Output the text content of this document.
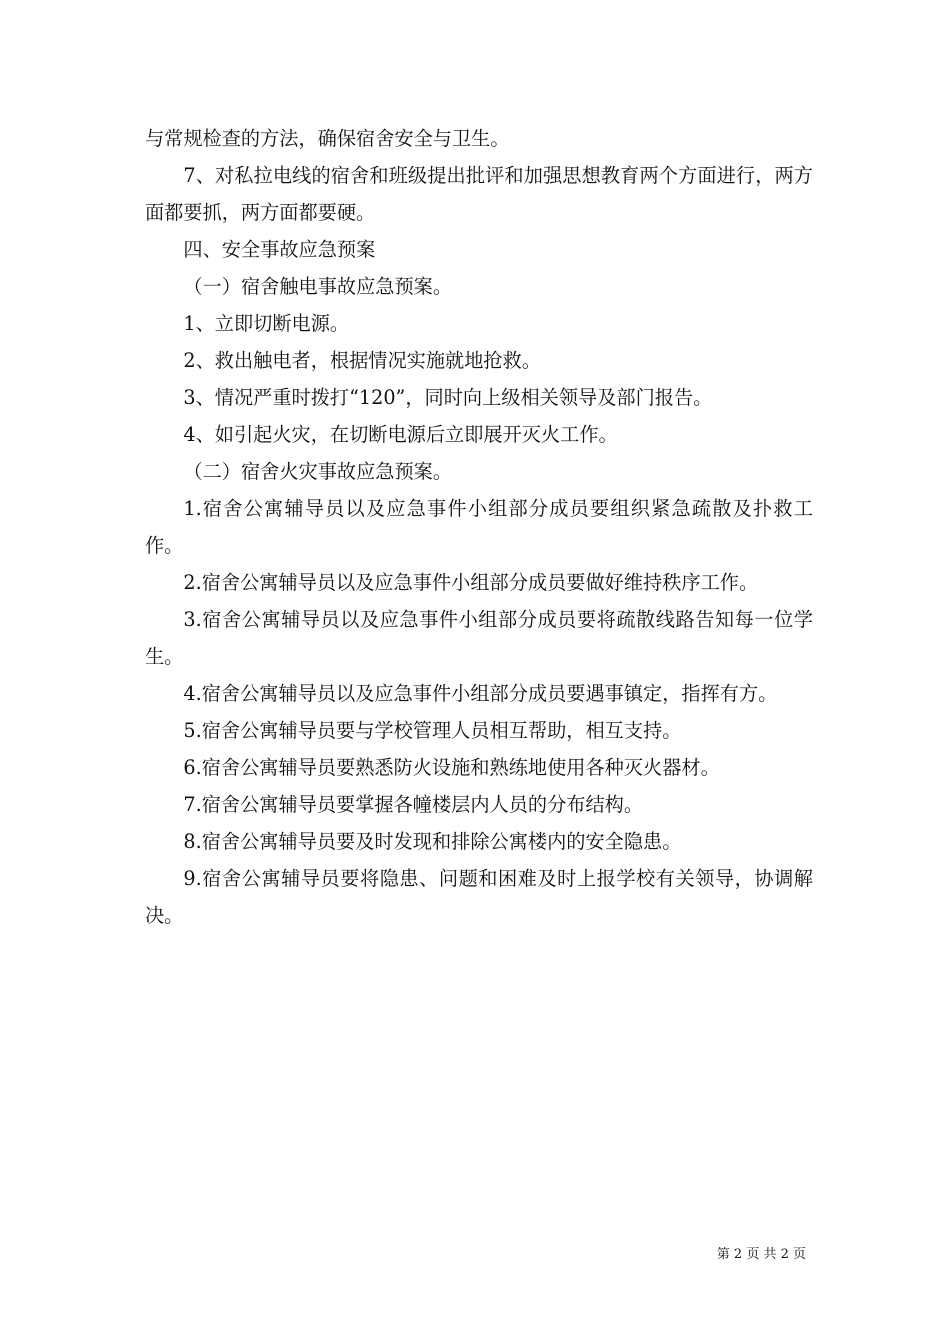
与常规检查的方法，确保宿舍安全与卫生。

7、对私拉电线的宿舍和班级提出批评和加强思想教育两个方面进行，两方面都要抓，两方面都要硬。

四、安全事故应急预案

（一）宿舍触电事故应急预案。

1、立即切断电源。

2、救出触电者，根据情况实施就地抢救。

3、情况严重时拨打“120”，同时向上级相关领导及部门报告。

4、如引起火灾，在切断电源后立即展开灭火工作。

（二）宿舍火灾事故应急预案。

1.宿舍公寓辅导员以及应急事件小组部分成员要组织紧急疏散及扑救工作。

2.宿舍公寓辅导员以及应急事件小组部分成员要做好维持秩序工作。

3.宿舍公寓辅导员以及应急事件小组部分成员要将疏散线路告知每一位学生。

4.宿舍公寓辅导员以及应急事件小组部分成员要遇事镇定，指挥有方。

5.宿舍公寓辅导员要与学校管理人员相互帮助，相互支持。

6.宿舍公寓辅导员要熟悉防火设施和熟练地使用各种灭火器材。

7.宿舍公寓辅导员要掌握各幢楼层内人员的分布结构。

8.宿舍公寓辅导员要及时发现和排除公寓楼内的安全隐患。

9.宿舍公寓辅导员要将隐患、问题和困难及时上报学校有关领导，协调解决。

第 2 页 共 2 页
